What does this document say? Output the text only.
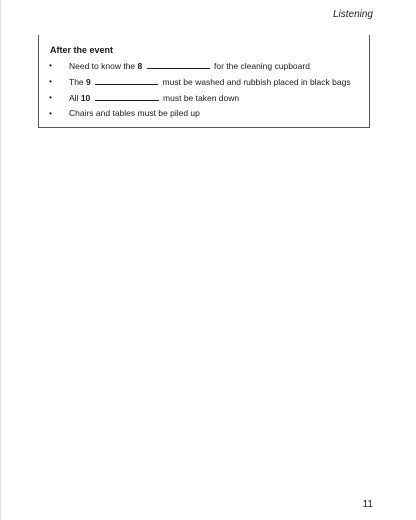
Listening
After the event
• Need to know the 8	for the cleaning cupboard
• The 9	must be washed and rubbish placed in black bags
• All 10	must be taken down
• Chairs and tables must be piled up
11
